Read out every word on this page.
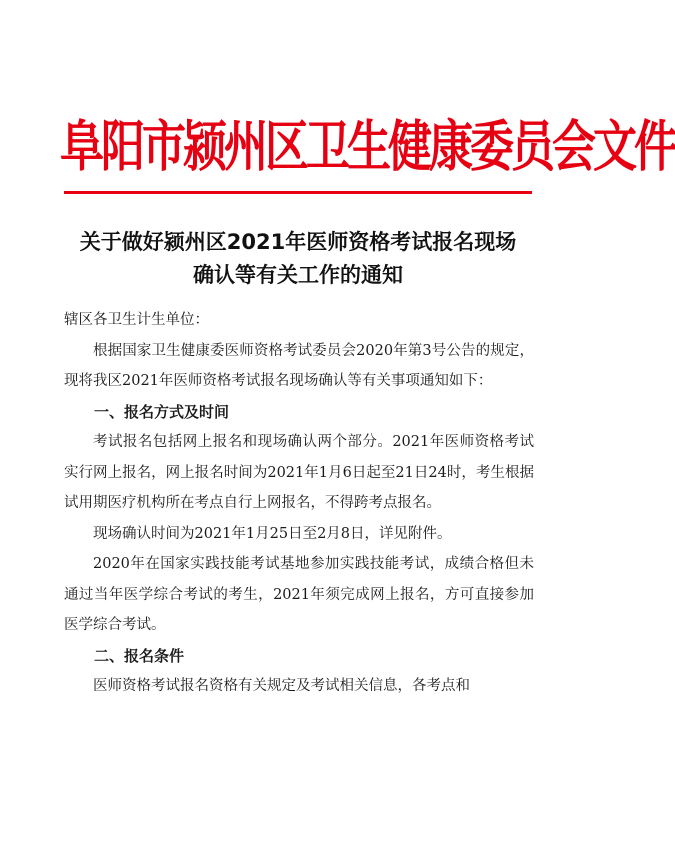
阜阳市颍州区卫生健康委员会文件
关于做好颍州区2021年医师资格考试报名现场
确认等有关工作的通知

辖区各卫生计生单位：

根据国家卫生健康委医师资格考试委员会2020年第3号公告的规定，现将我区2021年医师资格考试报名现场确认等有关事项通知如下：

一、报名方式及时间

考试报名包括网上报名和现场确认两个部分。2021年医师资格考试实行网上报名，网上报名时间为2021年1月6日起至21日24时，考生根据试用期医疗机构所在考点自行上网报名，不得跨考点报名。

现场确认时间为2021年1月25日至2月8日，详见附件。

2020年在国家实践技能考试基地参加实践技能考试，成绩合格但未通过当年医学综合考试的考生，2021年须完成网上报名，方可直接参加医学综合考试。

二、报名条件

医师资格考试报名资格有关规定及考试相关信息，各考点和
